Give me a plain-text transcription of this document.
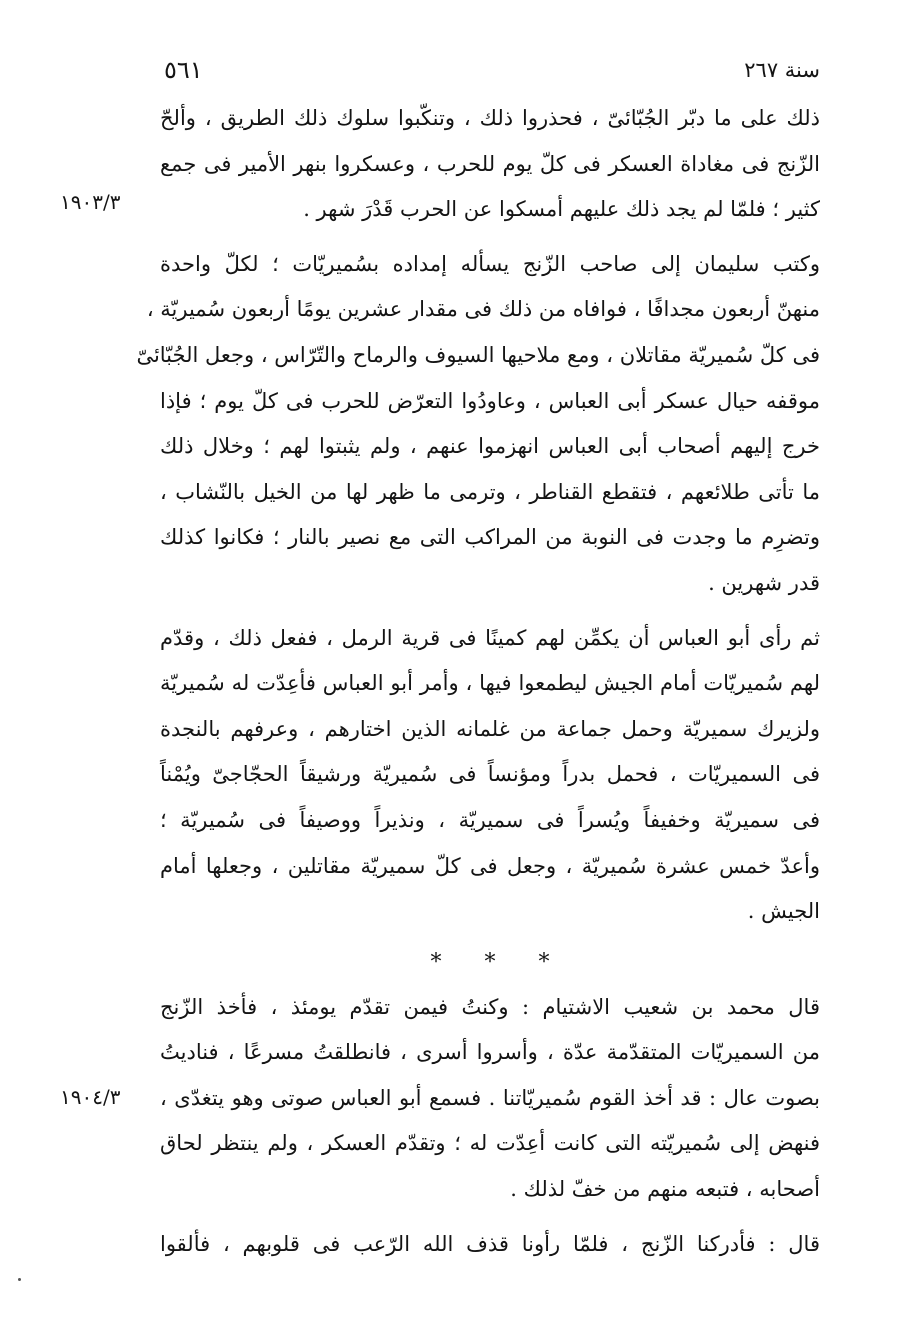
٥٦١	سنة ٢٦٧
١٩٠٣/٣
١٩٠٤/٣

ذلك على ما دبّر الجُبّائىّ ، فحذروا ذلك ، وتنكّبوا سلوك ذلك الطريق ، وألحّ
الزّنج فى مغاداة العسكر فى كلّ يوم للحرب ، وعسكروا بنهر الأمير فى جمع
كثير ؛ فلمّا لم يجد ذلك عليهم أمسكوا عن الحرب قَدْرَ شهر .

وكتب سليمان إلى صاحب الزّنج يسأله إمداده بسُميريّات ؛ لكلّ واحدة
منهنّ أربعون مجدافًا ، فوافاه من ذلك فى مقدار عشرين يومًا أربعون سُميريّة ،
فى كلّ سُميريّة مقاتلان ، ومع ملاحيها السيوف والرماح والتّرّاس ، وجعل الجُبّائىّ
موقفه حيال عسكر أبى العباس ، وعاودُوا التعرّض للحرب فى كلّ يوم ؛ فإذا
خرج إليهم أصحاب أبى العباس انهزموا عنهم ، ولم يثبتوا لهم ؛ وخلال ذلك
ما تأتى طلائعهم ، فتقطع القناطر ، وترمى ما ظهر لها من الخيل بالنّشاب ،
وتضرِم ما وجدت فى النوبة من المراكب التى مع نصير بالنار ؛ فكانوا كذلك
قدر شهرين .

ثم رأى أبو العباس أن يكمِّن لهم كمينًا فى قرية الرمل ، ففعل ذلك ، وقدّم
لهم سُميريّات أمام الجيش ليطمعوا فيها ، وأمر أبو العباس فأعِدّت له سُميريّة
ولزيرك سميريّة وحمل جماعة من غلمانه الذين اختارهم ، وعرفهم بالنجدة
فى السميريّات ، فحمل بدراً ومؤنساً فى سُميريّة ورشيقاً الحجّاجىّ ويُمْناً
فى سميريّة وخفيفاً ويُسراً فى سميريّة ، ونذيراً ووصيفاً فى سُميريّة ؛
وأعدّ خمس عشرة سُميريّة ، وجعل فى كلّ سميريّة مقاتلين ، وجعلها أمام
الجيش .

* * *

قال محمد بن شعيب الاشتيام : وكنتُ فيمن تقدّم يومئذ ، فأخذ الزّنج
من السميريّات المتقدّمة عدّة ، وأسروا أسرى ، فانطلقتُ مسرعًا ، فناديتُ
بصوت عال : قد أخذ القوم سُميريّاتنا . فسمع أبو العباس صوتى وهو يتغدّى ،
فنهض إلى سُميريّته التى كانت أعِدّت له ؛ وتقدّم العسكر ، ولم ينتظر لحاق
أصحابه ، فتبعه منهم من خفّ لذلك .

قال : فأدركنا الزّنج ، فلمّا رأونا قذف الله الرّعب فى قلوبهم ، فألقوا
